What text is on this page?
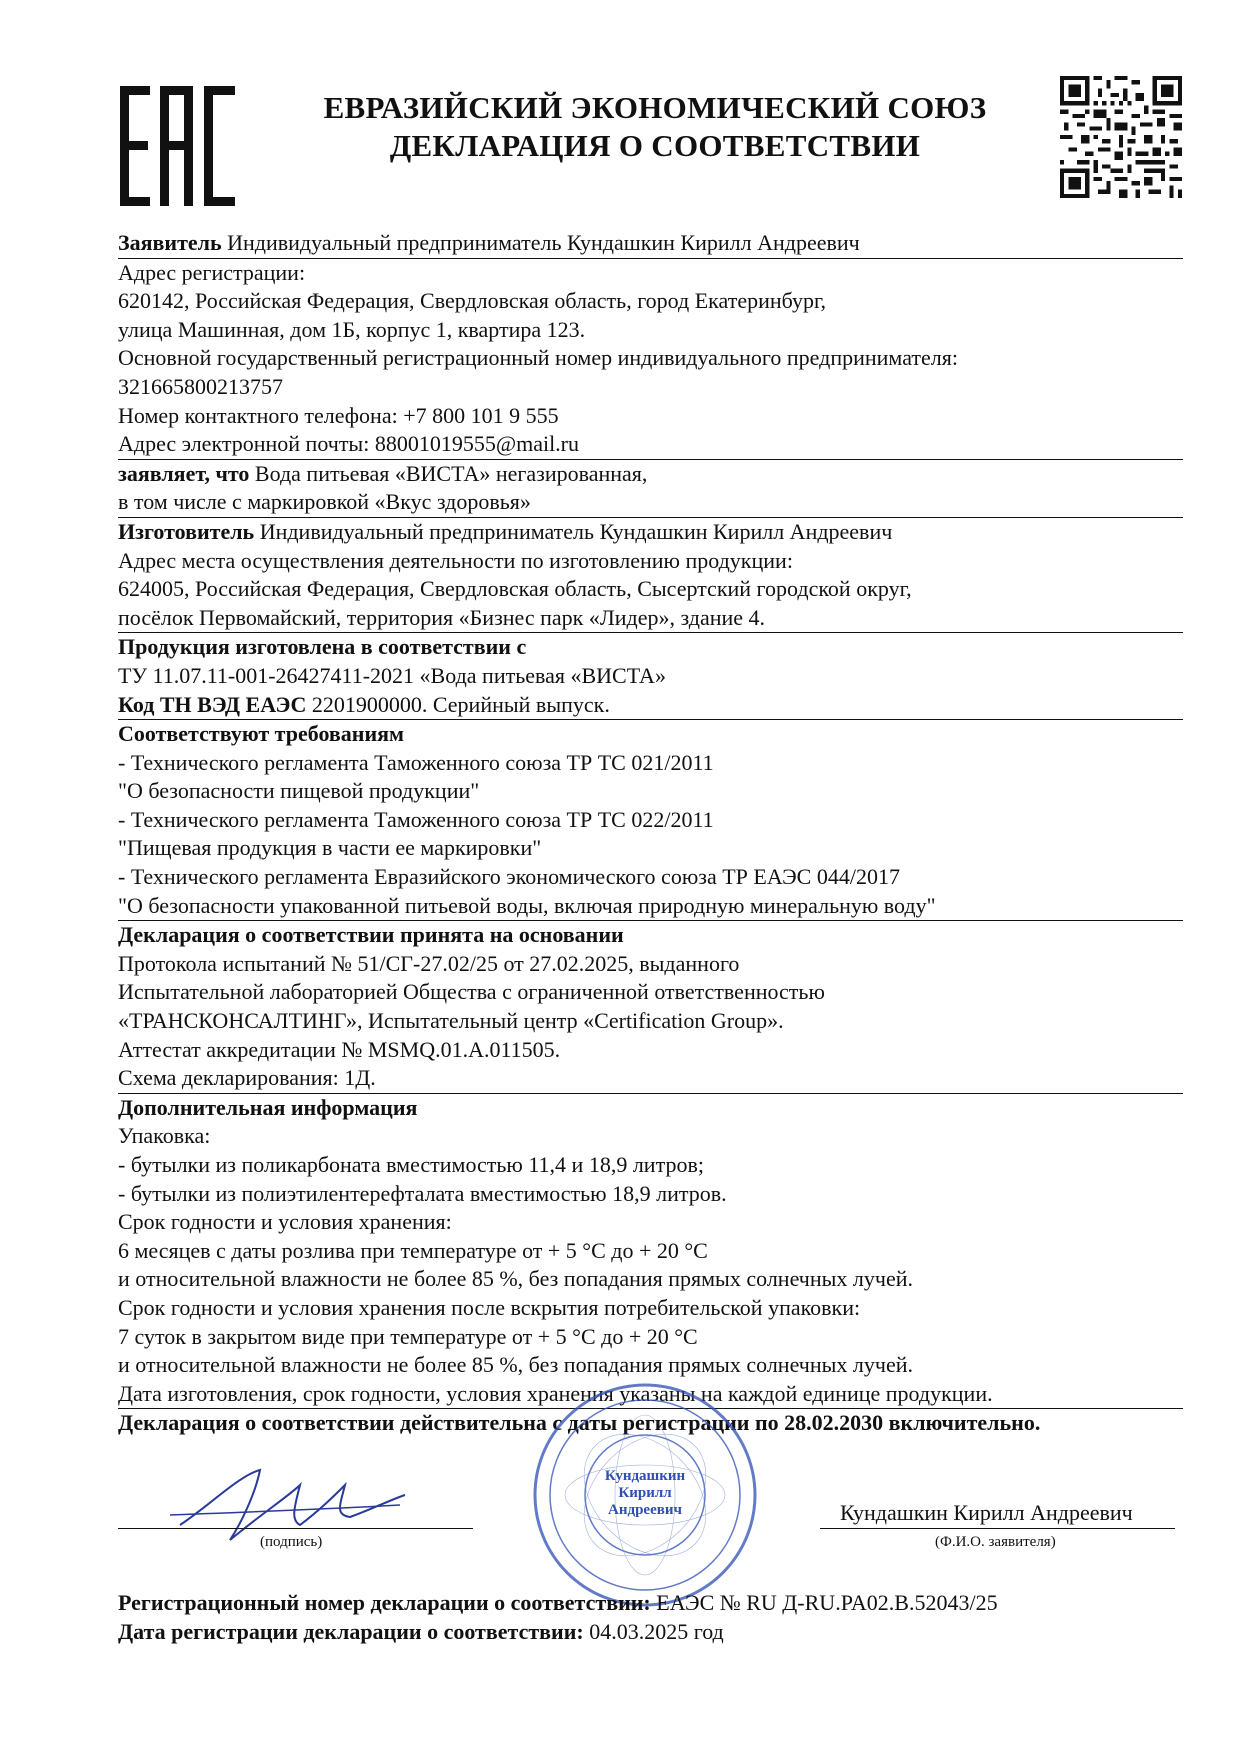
ЕВРАЗИЙСКИЙ ЭКОНОМИЧЕСКИЙ СОЮЗ
ДЕКЛАРАЦИЯ О СООТВЕТСТВИИ
Заявитель Индивидуальный предприниматель Кундашкин Кирилл Андреевич
Адрес регистрации:
620142, Российская Федерация, Свердловская область, город Екатеринбург,
улица Машинная, дом 1Б, корпус 1, квартира 123.
Основной государственный регистрационный номер индивидуального предпринимателя:
321665800213757
Номер контактного телефона: +7 800 101 9 555
Адрес электронной почты: 88001019555@mail.ru
заявляет, что Вода питьевая «ВИСТА» негазированная,
в том числе с маркировкой «Вкус здоровья»
Изготовитель Индивидуальный предприниматель Кундашкин Кирилл Андреевич
Адрес места осуществления деятельности по изготовлению продукции:
624005, Российская Федерация, Свердловская область, Сысертский городской округ,
посёлок Первомайский, территория «Бизнес парк «Лидер», здание 4.
Продукция изготовлена в соответствии с
ТУ 11.07.11-001-26427411-2021 «Вода питьевая «ВИСТА»
Код ТН ВЭД ЕАЭС 2201900000. Серийный выпуск.
Соответствуют требованиям
- Технического регламента Таможенного союза ТР ТС 021/2011
"О безопасности пищевой продукции"
- Технического регламента Таможенного союза ТР ТС 022/2011
"Пищевая продукция в части ее маркировки"
- Технического регламента Евразийского экономического союза ТР ЕАЭС 044/2017
"О безопасности упакованной питьевой воды, включая природную минеральную воду"
Декларация о соответствии принята на основании
Протокола испытаний № 51/СГ-27.02/25 от 27.02.2025, выданного
Испытательной лабораторией Общества с ограниченной ответственностью
«ТРАНСКОНСАЛТИНГ», Испытательный центр «Certification Group».
Аттестат аккредитации № MSMQ.01.A.011505.
Схема декларирования: 1Д.
Дополнительная информация
Упаковка:
- бутылки из поликарбоната вместимостью 11,4 и 18,9 литров;
- бутылки из полиэтилентерефталата вместимостью 18,9 литров.
Срок годности и условия хранения:
6 месяцев с даты розлива при температуре от + 5 °С до + 20 °С
и относительной влажности не более 85 %, без попадания прямых солнечных лучей.
Срок годности и условия хранения после вскрытия потребительской упаковки:
7 суток в закрытом виде при температуре от + 5 °С до + 20 °С
и относительной влажности не более 85 %, без попадания прямых солнечных лучей.
Дата изготовления, срок годности, условия хранения указаны на каждой единице продукции.
Декларация о соответствии действительна с даты регистрации по 28.02.2030 включительно.
Кундашкин
Кирилл
Андреевич
(подпись)
Кундашкин Кирилл Андреевич
(Ф.И.О. заявителя)
Регистрационный номер декларации о соответствии: ЕАЭС № RU Д-RU.PA02.B.52043/25
Дата регистрации декларации о соответствии: 04.03.2025 год
